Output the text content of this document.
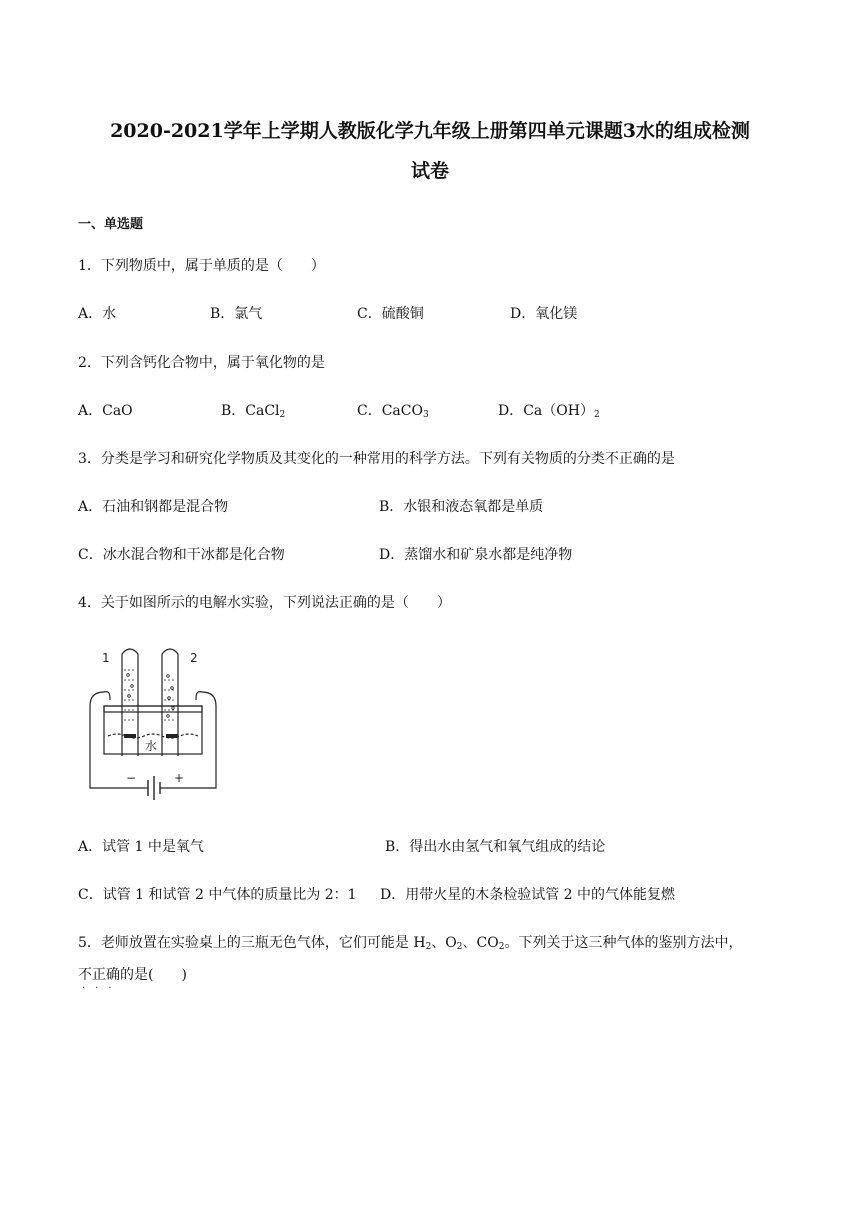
2020-2021学年上学期人教版化学九年级上册第四单元课题3水的组成检测
试卷
一、单选题
1．下列物质中，属于单质的是（　　）
A．水	B．氯气	C．硫酸铜	D．氧化镁
2．下列含钙化合物中，属于氧化物的是
A．CaO	B．CaCl$_2$	C．CaCO$_3$	D．$Ca(OH)_2$
3．分类是学习和研究化学物质及其变化的一种常用的科学方法。下列有关物质的分类不正确的是
A．石油和钢都是混合物	B．水银和液态氧都是单质
C．冰水混合物和干冰都是化合物	D．蒸馏水和矿泉水都是纯净物
4．关于如图所示的电解水实验，下列说法正确的是（　　）
1	2
水
−	+
A．试管 1 中是氧气	B．得出水由氢气和氧气组成的结论
C．试管 1 和试管 2 中气体的质量比为 2：1 D．用带火星的木条检验试管 2 中的气体能复燃
5．老师放置在实验桌上的三瓶无色气体，它们可能是 $H_2$、$O_2$、$CO_2$。下列关于这三种气体的鉴别方法中，
不正确的是(　　)
···
